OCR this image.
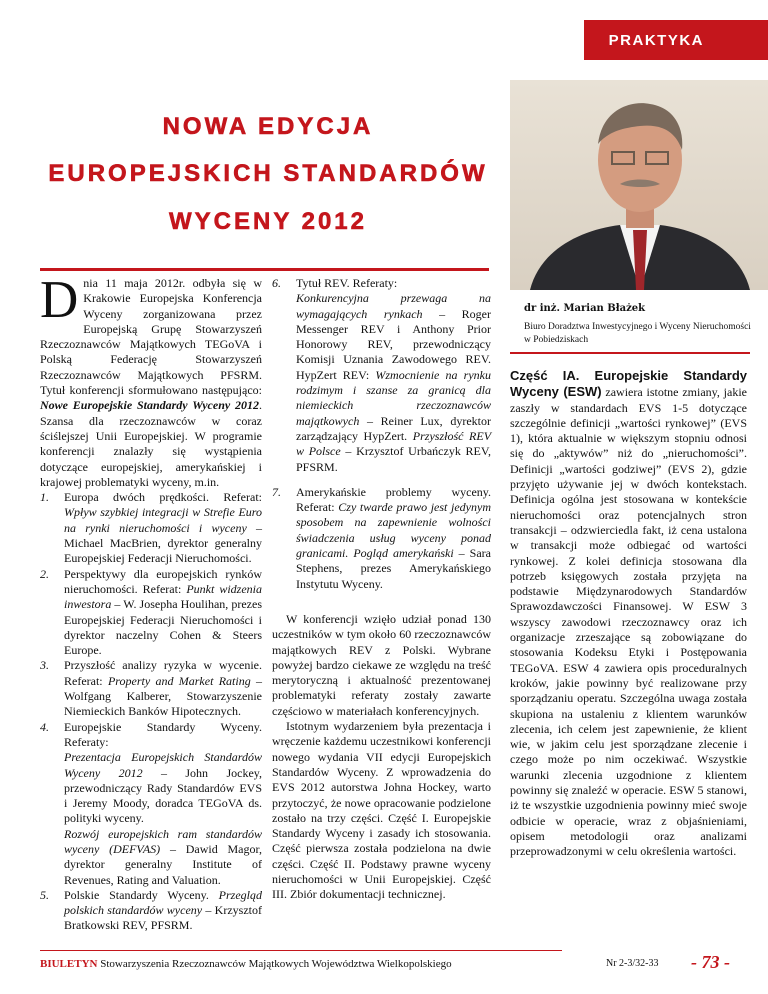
PRAKTYKA
NOWA EDYCJA
EUROPEJSKICH STANDARDÓW
WYCENY 2012
dr inż. Marian Błażek
Biuro Doradztwa Inwestycyjnego i Wyceny Nieruchomości w Pobiedziskach

Dnia 11 maja 2012r. odbyła się w Krakowie Europejska Konferencja Wyceny zorganizowana przez Europejską Grupę Stowarzyszeń Rzeczoznawców Majątkowych TEGoVA i Polską Federację Stowarzyszeń Rzeczoznawców Majątkowych PFSRM. Tytuł konferencji sformułowano następująco: Nowe Europejskie Standardy Wyceny 2012. Szansa dla rzeczoznawców w coraz ściślejszej Unii Europejskiej. W programie konferencji znalazły się wystąpienia dotyczące europejskiej, amerykańskiej i krajowej problematyki wyceny, m.in.

1. Europa dwóch prędkości. Referat: Wpływ szybkiej integracji w Strefie Euro na rynki nieruchomości i wyceny – Michael MacBrien, dyrektor generalny Europejskiej Federacji Nieruchomości.
2. Perspektywy dla europejskich rynków nieruchomości. Referat: Punkt widzenia inwestora – W. Josepha Houlihan, prezes Europejskiej Federacji Nieruchomości i dyrektor naczelny Cohen & Steers Europe.
3. Przyszłość analizy ryzyka w wycenie. Referat: Property and Market Rating – Wolfgang Kalberer, Stowarzyszenie Niemieckich Banków Hipotecznych.
4. Europejskie Standardy Wyceny. Referaty:
Prezentacja Europejskich Standardów Wyceny 2012 – John Jockey, przewodniczący Rady Standardów EVS i Jeremy Moody, doradca TEGoVA ds. polityki wyceny.
Rozwój europejskich ram standardów wyceny (DEFVAS) – Dawid Magor, dyrektor generalny Institute of Revenues, Rating and Valuation.
5. Polskie Standardy Wyceny. Przegląd polskich standardów wyceny – Krzysztof Bratkowski REV, PFSRM.
6. Tytuł REV. Referaty:
Konkurencyjna przewaga na wymagających rynkach – Roger Messenger REV i Anthony Prior Honorowy REV, przewodniczący Komisji Uznania Zawodowego REV. HypZert REV: Wzmocnienie na rynku rodzimym i szanse za granicą dla niemieckich rzeczoznawców majątkowych – Reiner Lux, dyrektor zarządzający HypZert. Przyszłość REV w Polsce – Krzysztof Urbańczyk REV, PFSRM.
7. Amerykańskie problemy wyceny. Referat: Czy twarde prawo jest jedynym sposobem na zapewnienie wolności świadczenia usług wyceny ponad granicami. Pogląd amerykański – Sara Stephens, prezes Amerykańskiego Instytutu Wyceny.

W konferencji wzięło udział ponad 130 uczestników w tym około 60 rzeczoznawców majątkowych REV z Polski. Wybrane powyżej bardzo ciekawe ze względu na treść merytoryczną i aktualność prezentowanej problematyki referaty zostały zawarte częściowo w materiałach konferencyjnych.

Istotnym wydarzeniem była prezentacja i wręczenie każdemu uczestnikowi konferencji nowego wydania VII edycji Europejskich Standardów Wyceny. Z wprowadzenia do EVS 2012 autorstwa Johna Hockey, warto przytoczyć, że nowe opracowanie podzielone zostało na trzy części. Część I. Europejskie Standardy Wyceny i zasady ich stosowania. Część pierwsza została podzielona na dwie części. Część II. Podstawy prawne wyceny nieruchomości w Unii Europejskiej. Część III. Zbiór dokumentacji technicznej.

Część IA. Europejskie Standardy Wyceny (ESW) zawiera istotne zmiany, jakie zaszły w standardach EVS 1-5 dotyczące szczególnie definicji „wartości rynkowej” (EVS 1), która aktualnie w większym stopniu odnosi się do „aktywów” niż do „nieruchomości”. Definicji „wartości godziwej” (EVS 2), gdzie przyjęto używanie jej w dwóch kontekstach. Definicja ogólna jest stosowana w kontekście nieruchomości oraz potencjalnych stron transakcji – odzwierciedla fakt, iż cena ustalona w transakcji może odbiegać od wartości rynkowej. Z kolei definicja stosowana dla potrzeb księgowych została przyjęta na podstawie Międzynarodowych Standardów Sprawozdawczości Finansowej. W ESW 3 wszyscy zawodowi rzeczoznawcy oraz ich organizacje zrzeszające są zobowiązane do stosowania Kodeksu Etyki i Postępowania TEGoVA. ESW 4 zawiera opis proceduralnych kroków, jakie powinny być realizowane przy sporządzaniu operatu. Szczególna uwaga została skupiona na ustaleniu z klientem warunków zlecenia, ich celem jest zapewnienie, że klient wie, w jakim celu jest sporządzane zlecenie i czego może po nim oczekiwać. Wszystkie warunki zlecenia uzgodnione z klientem powinny się znaleźć w operacie. ESW 5 stanowi, iż te wszystkie uzgodnienia powinny mieć swoje odbicie w operacie, wraz z objaśnieniami, opisem metodologii oraz analizami przeprowadzonymi w celu określenia wartości.

BIULETYN Stowarzyszenia Rzeczoznawców Majątkowych Województwa Wielkopolskiego	Nr 2-3/32-33 - 73 -
